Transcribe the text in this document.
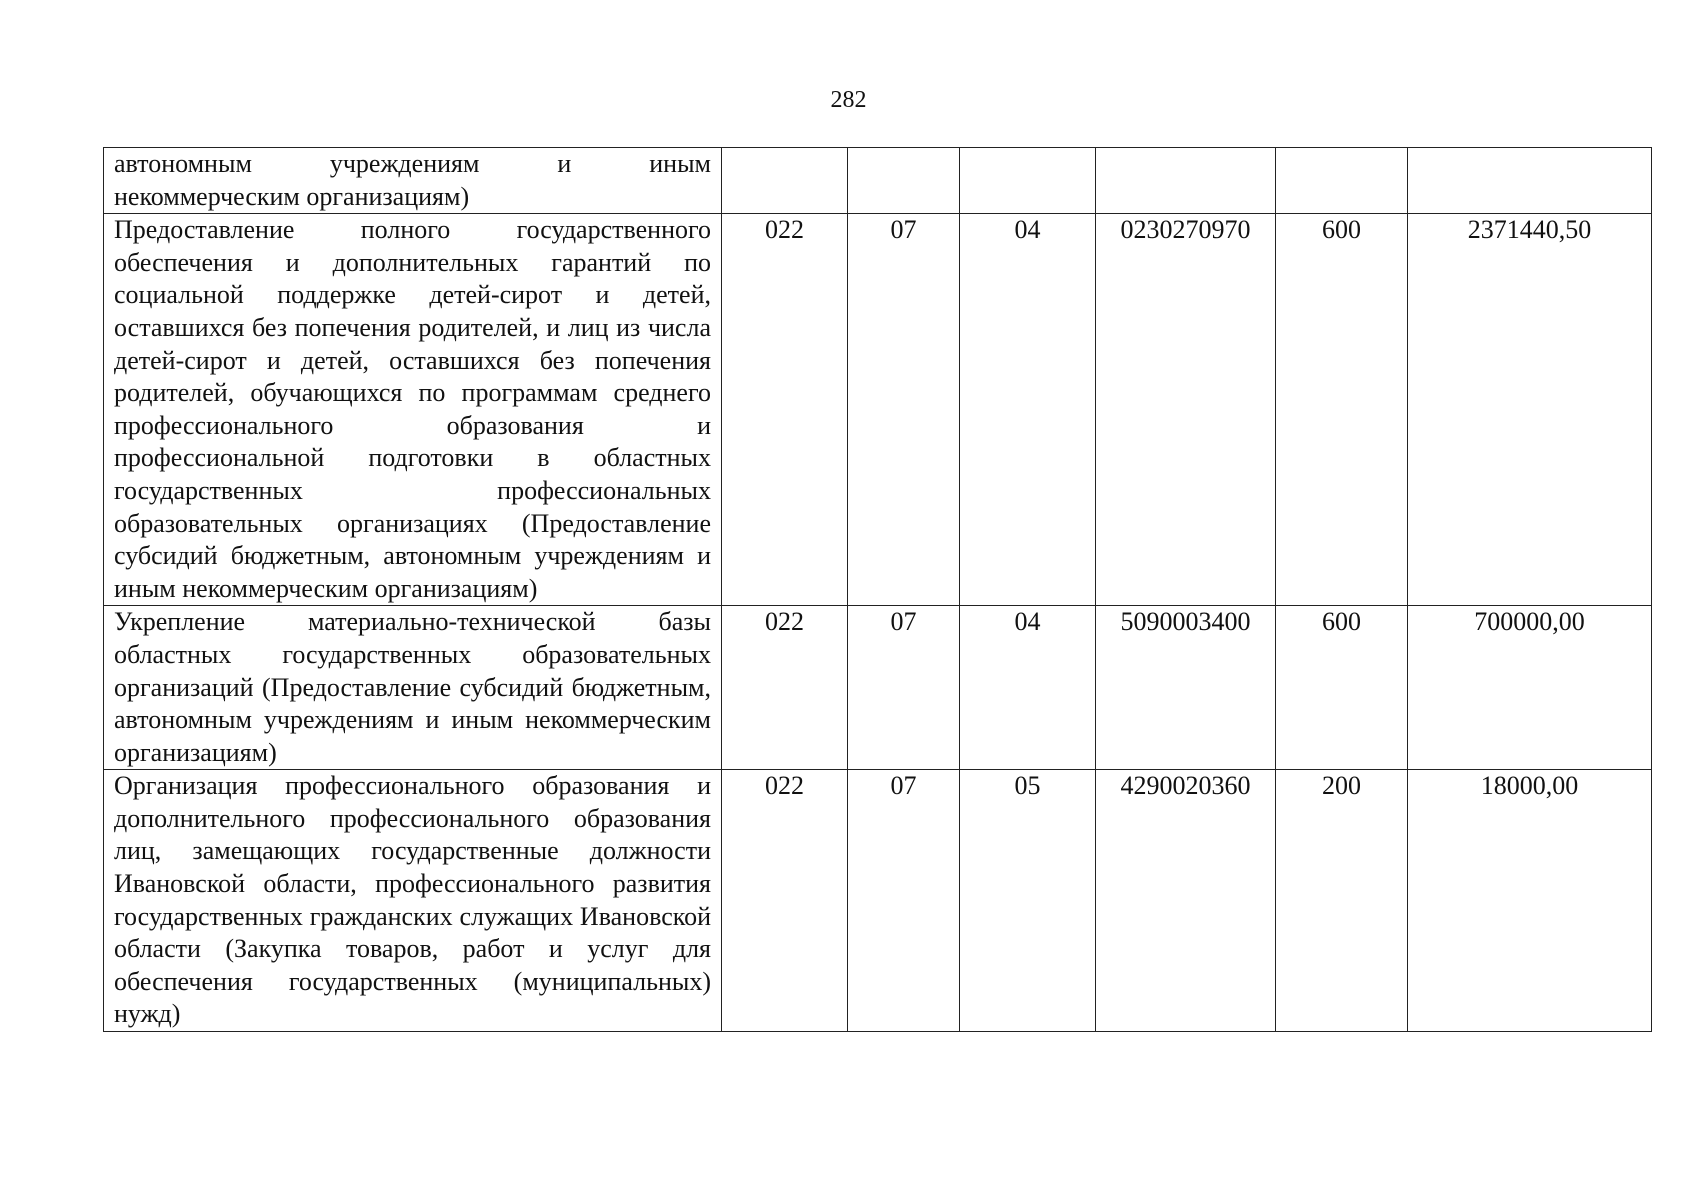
282
автономным учреждениям и иным
некоммерческим организациям)						

Предоставление полного государственного обеспечения и дополнительных гарантий по социальной поддержке детей-сирот и детей, оставшихся без попечения родителей, и лиц из числа детей-сирот и детей, оставшихся без попечения родителей, обучающихся по программам среднего профессионального образования и профессиональной подготовки в областных государственных профессиональных образовательных организациях (Предоставление субсидий бюджетным, автономным учреждениям и иным некоммерческим организациям)	022	07	04	0230270970	600	2371440,50
Укрепление материально-технической базы областных государственных образовательных организаций (Предоставление субсидий бюджетным, автономным учреждениям и иным некоммерческим организациям)	022	07	04	5090003400	600	700000,00
Организация профессионального образования и дополнительного профессионального образования лиц, замещающих государственные должности Ивановской области, профессионального развития государственных гражданских служащих Ивановской области (Закупка товаров, работ и услуг для обеспечения государственных (муниципальных) нужд)	022	07	05	4290020360	200	18000,00
